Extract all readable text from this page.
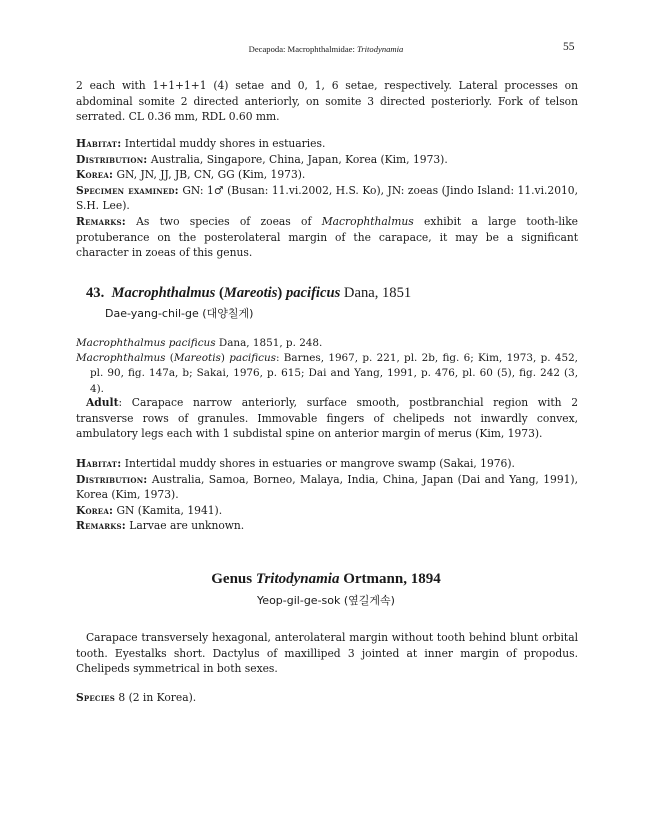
Decapoda: Macrophthalmidae: Tritodynamia	55

2 each with 1+1+1+1 (4) setae and 0, 1, 6 setae, respectively. Lateral processes on abdominal somite 2 directed anteriorly, on somite 3 directed posteriorly. Fork of telson serrated. CL 0.36 mm, RDL 0.60 mm.

Habitat: Intertidal muddy shores in estuaries.

Distribution: Australia, Singapore, China, Japan, Korea (Kim, 1973).

Korea: GN, JN, JJ, JB, CN, GG (Kim, 1973).

Specimen examined: GN: 1♂ (Busan: 11.vi.2002, H.S. Ko), JN: zoeas (Jindo Island: 11.vi.2010, S.H. Lee).

Remarks: As two species of zoeas of Macrophthalmus exhibit a large tooth-like protuberance on the posterolateral margin of the carapace, it may be a significant character in zoeas of this genus.

43. Macrophthalmus (Mareotis) pacificus Dana, 1851
Dae-yang-chil-ge (대양칠게)

Macrophthalmus pacificus Dana, 1851, p. 248.

Macrophthalmus (Mareotis) pacificus: Barnes, 1967, p. 221, pl. 2b, fig. 6; Kim, 1973, p. 452, pl. 90, fig. 147a, b; Sakai, 1976, p. 615; Dai and Yang, 1991, p. 476, pl. 60 (5), fig. 242 (3, 4).

Adult: Carapace narrow anteriorly, surface smooth, postbranchial region with 2 transverse rows of granules. Immovable fingers of chelipeds not inwardly convex, ambulatory legs each with 1 subdistal spine on anterior margin of merus (Kim, 1973).

Habitat: Intertidal muddy shores in estuaries or mangrove swamp (Sakai, 1976).

Distribution: Australia, Samoa, Borneo, Malaya, India, China, Japan (Dai and Yang, 1991), Korea (Kim, 1973).

Korea: GN (Kamita, 1941).

Remarks: Larvae are unknown.

Genus Tritodynamia Ortmann, 1894
Yeop-gil-ge-sok (옆길게속)

Carapace transversely hexagonal, anterolateral margin without tooth behind blunt orbital tooth. Eyestalks short. Dactylus of maxilliped 3 jointed at inner margin of propodus. Chelipeds symmetrical in both sexes.

Species 8 (2 in Korea).
